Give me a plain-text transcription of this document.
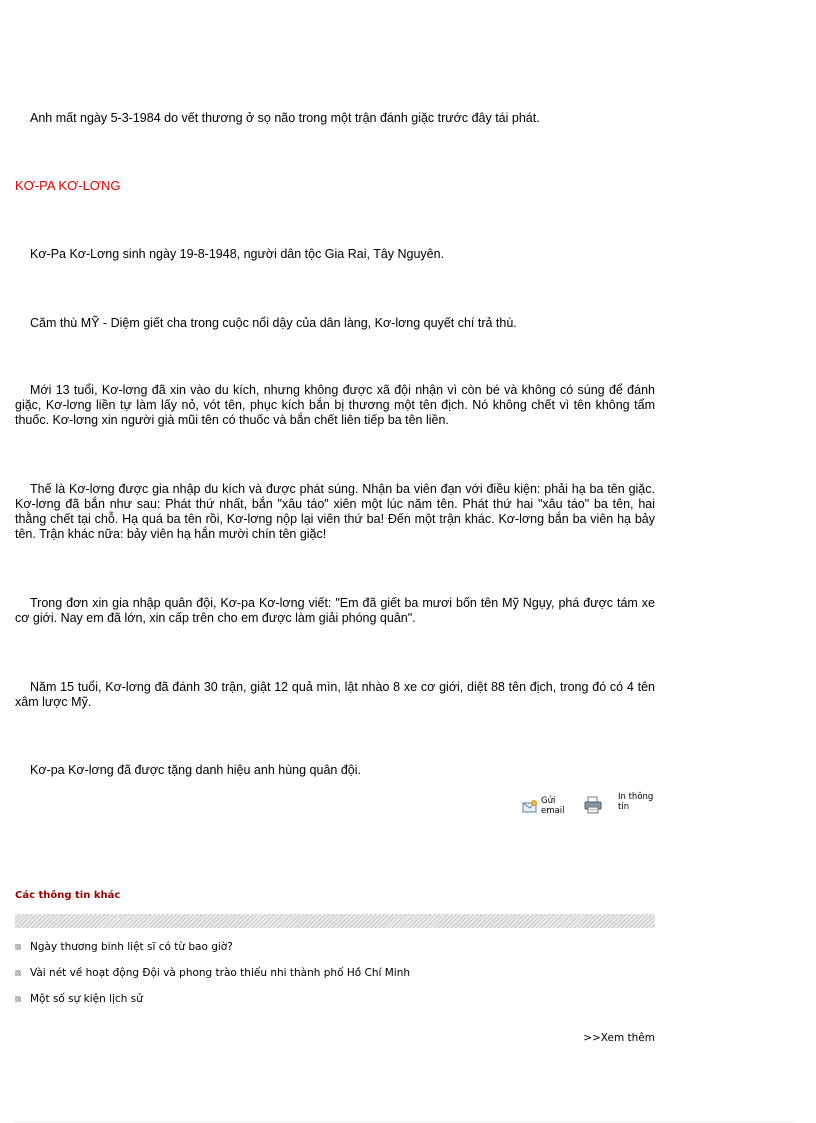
Anh mất ngày 5-3-1984 do vết thương ở sọ não trong một trận đánh giặc trước đây tái phát.

KƠ-PA KƠ-LƠNG

Kơ-Pa Kơ-Lơng sinh ngày 19-8-1948, người dân tộc Gia Rai, Tây Nguyên.

Căm thù MỸ - Diệm giết cha trong cuộc nổi dậy của dân làng, Kơ-lơng quyết chí trả thù.

Mới 13 tuổi, Kơ-lơng đã xin vào du kích, nhưng không được xã đội nhận vì còn bé và không có súng để đánh giặc, Kơ-lơng liền tự làm lấy nỏ, vót tên, phục kích bắn bị thương một tên địch. Nó không chết vì tên không tẩm thuốc. Kơ-lơng xin người già mũi tên có thuốc và bắn chết liên tiếp ba tên liền.

Thế là Kơ-lơng được gia nhập du kích và được phát súng. Nhận ba viên đạn với điều kiện: phải hạ ba tên giặc. Kơ-lơng đã bắn như sau: Phát thứ nhất, bắn "xâu táo" xiên một lúc năm tên. Phát thứ hai "xâu táo" ba tên, hai thằng chết tại chỗ. Hạ quá ba tên rồi, Kơ-lơng nộp lại viên thứ ba! Đến một trận khác. Kơ-lơng bắn ba viên hạ bảy tên. Trận khác nữa: bảy viên hạ hắn mười chín tên giặc!

Trong đơn xin gia nhập quân đội, Kơ-pa Kơ-lơng viết: "Em đã giết ba mươi bốn tên Mỹ Ngụy, phá được tám xe cơ giới. Nay em đã lớn, xin cấp trên cho em được làm giải phóng quân".

Năm 15 tuổi, Kơ-lơng đã đánh 30 trận, giật 12 quả mìn, lật nhào 8 xe cơ giới, diệt 88 tên địch, trong đó có 4 tên xâm lược Mỹ.

Kơ-pa Kơ-lơng đã được tặng danh hiệu anh hùng quân đội.

Gửi email
In thông tin
Các thông tin khác
Ngày thương binh liệt sĩ có từ bao giờ?
Vài nét về hoạt động Đội và phong trào thiếu nhi thành phố Hồ Chí Minh
Một số sự kiện lịch sử
>>Xem thêm
